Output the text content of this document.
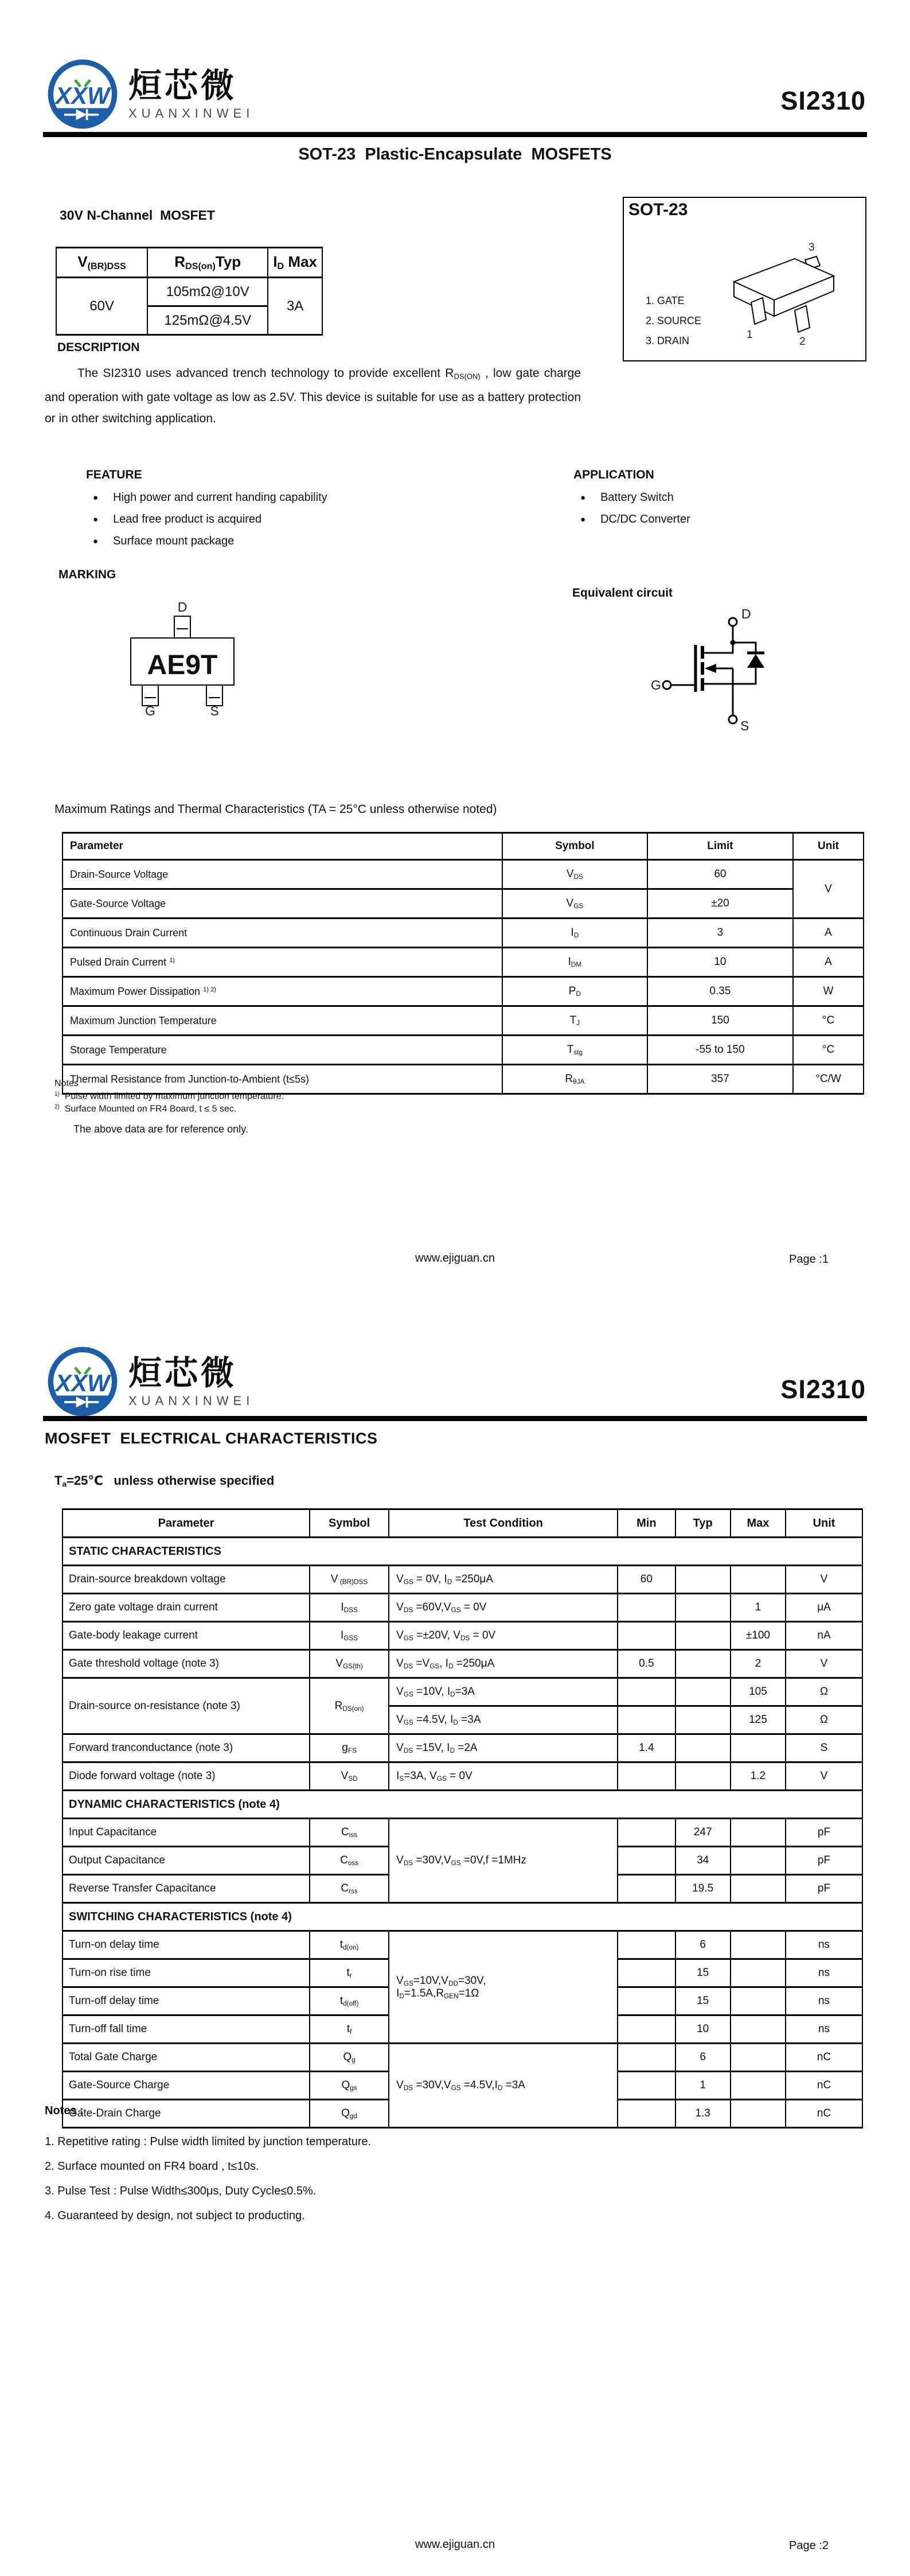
XXW 烜芯微
XUANXINWEI	SI2310
SOT-23  Plastic-Encapsulate  MOSFETS
30V N-Channel  MOSFET
$V_{(BR)DSS}$	$R_{DS(on)}Typ$	$I_D$ Max
60V	105mΩ@10V	3A
	125mΩ@4.5V	
SOT-23
1. GATE
2. SOURCE
3. DRAIN
3
1
2
DESCRIPTION
The SI2310 uses advanced trench technology to provide excellent $R_{DS(ON)}$ , low gate charge and operation with gate voltage as low as 2.5V. This device is suitable for use as a battery protection or in other switching application.
FEATURE
● High power and current handing capability
● Lead free product is acquired
● Surface mount package
APPLICATION
● Battery Switch
● DC/DC Converter
MARKING
D
AE9T
G	S
Equivalent circuit
D
G
S
Maximum Ratings and Thermal Characteristics (TA = 25°C unless otherwise noted)
Parameter	Symbol	Limit	Unit
Drain-Source Voltage	$V_{DS}$	60	V
Gate-Source Voltage	$V_{GS}$	±20	
Continuous Drain Current	$I_D$	3	A
Pulsed Drain Current $^{1)}$	$I_{DM}$	10	A
Maximum Power Dissipation $^{1) 2)}$	$P_D$	0.35	W
Maximum Junction Temperature	$T_J$	150	°C
Storage Temperature	$T_{stg}$	-55 to 150	°C
Thermal Resistance from Junction-to-Ambient (t≤5s)	$R_{\theta JA}$	357	°C/W
Notes
$^{1)}$  Pulse width limited by maximum junction temperature.
$^{2)}$  Surface Mounted on FR4 Board, t ≤ 5 sec.
The above data are for reference only.
www.ejiguan.cn	Page :1
XXW 烜芯微
XUANXINWEI	SI2310
MOSFET  ELECTRICAL CHARACTERISTICS
$T_a=25℃$   unless otherwise specified
Parameter	Symbol	Test Condition	Min	Typ	Max	Unit
STATIC CHARACTERISTICS						
Drain-source breakdown voltage	V $_{(BR)DSS}$	$V_{GS} = 0V$, $I_D =250\mu A$	60			V
Zero gate voltage drain current	$I_{DSS}$	$V_{DS} =60V,V_{GS} = 0V$			1	μA
Gate-body leakage current	$I_{GSS}$	$V_{GS} =\pm 20V$, $V_{DS} = 0V$			±100	nA
Gate threshold voltage (note 3)	$V_{GS(th)}$	$V_{DS} =V_{GS}$, $I_D =250\mu A$	0.5		2	V
Drain-source on-resistance (note 3)	$R_{DS(on)}$	$V_{GS} =10V$, $I_D=3A$			105	Ω
		$V_{GS} =4.5V$, $I_D =3A$			125	Ω
Forward tranconductance (note 3)	$g_{FS}$	$V_{DS} =15V$, $I_D =2A$	1.4			S
Diode forward voltage (note 3)	$V_{SD}$	$I_S=3A$, $V_{GS} = 0V$			1.2	V
DYNAMIC CHARACTERISTICS (note 4)						
Input Capacitance	$C_{iss}$	$V_{DS} =30V,V_{GS} =0V,f =1MHz$		247		pF
Output Capacitance	$C_{oss}$			34		pF
Reverse Transfer Capacitance	$C_{rss}$			19.5		pF
SWITCHING CHARACTERISTICS (note 4)						
Turn-on delay time	$t_{d(on)}$	$V_{GS}=10V,V_{DD}=30V$,
$I_D=1.5A,R_{GEN}=1\Omega$		6		ns
Turn-on rise time	$t_r$			15		ns
Turn-off delay time	$t_{d(off)}$			15		ns
Turn-off fall time	$t_f$			10		ns
Total Gate Charge	$Q_g$	$V_{DS} =30V,V_{GS} =4.5V,I_D =3A$		6		nC
Gate-Source Charge	$Q_{gs}$			1		nC
Gate-Drain Charge	$Q_{gd}$			1.3		nC
Notes :
1. Repetitive rating : Pulse width limited by junction temperature.
2. Surface mounted on FR4 board , t≤10s.
3. Pulse Test : Pulse Width≤300μs, Duty Cycle≤0.5%.
4. Guaranteed by design, not subject to producting.
www.ejiguan.cn	Page :2
